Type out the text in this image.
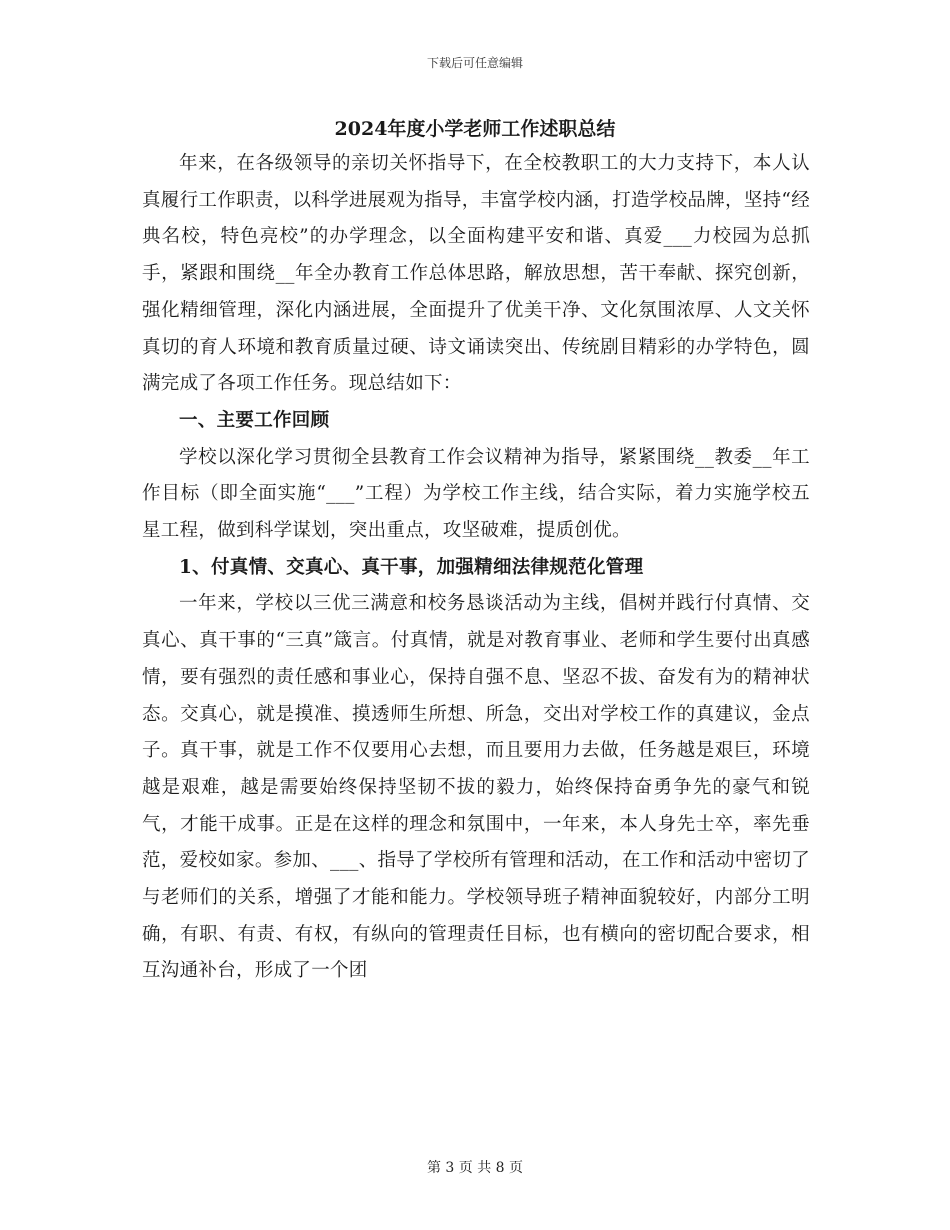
下载后可任意编辑
2024年度小学老师工作述职总结

年来，在各级领导的亲切关怀指导下，在全校教职工的大力支持下，本人认真履行工作职责，以科学进展观为指导，丰富学校内涵，打造学校品牌，坚持“经典名校，特色亮校”的办学理念，以全面构建平安和谐、真爱___力校园为总抓手，紧跟和围绕__年全办教育工作总体思路，解放思想，苦干奉献、探究创新，强化精细管理，深化内涵进展，全面提升了优美干净、文化氛围浓厚、人文关怀真切的育人环境和教育质量过硬、诗文诵读突出、传统剧目精彩的办学特色，圆满完成了各项工作任务。现总结如下：

一、主要工作回顾

学校以深化学习贯彻全县教育工作会议精神为指导，紧紧围绕__教委__年工作目标（即全面实施“___”工程）为学校工作主线，结合实际，着力实施学校五星工程，做到科学谋划，突出重点，攻坚破难，提质创优。

1、付真情、交真心、真干事，加强精细法律规范化管理

一年来，学校以三优三满意和校务恳谈活动为主线，倡树并践行付真情、交真心、真干事的“三真”箴言。付真情，就是对教育事业、老师和学生要付出真感情，要有强烈的责任感和事业心，保持自强不息、坚忍不拔、奋发有为的精神状态。交真心，就是摸准、摸透师生所想、所急，交出对学校工作的真建议，金点子。真干事，就是工作不仅要用心去想，而且要用力去做，任务越是艰巨，环境越是艰难，越是需要始终保持坚韧不拔的毅力，始终保持奋勇争先的豪气和锐气，才能干成事。正是在这样的理念和氛围中，一年来，本人身先士卒，率先垂范，爱校如家。参加、___、指导了学校所有管理和活动，在工作和活动中密切了与老师们的关系，增强了才能和能力。学校领导班子精神面貌较好，内部分工明确，有职、有责、有权，有纵向的管理责任目标，也有横向的密切配合要求，相互沟通补台，形成了一个团

第 3 页 共 8 页
